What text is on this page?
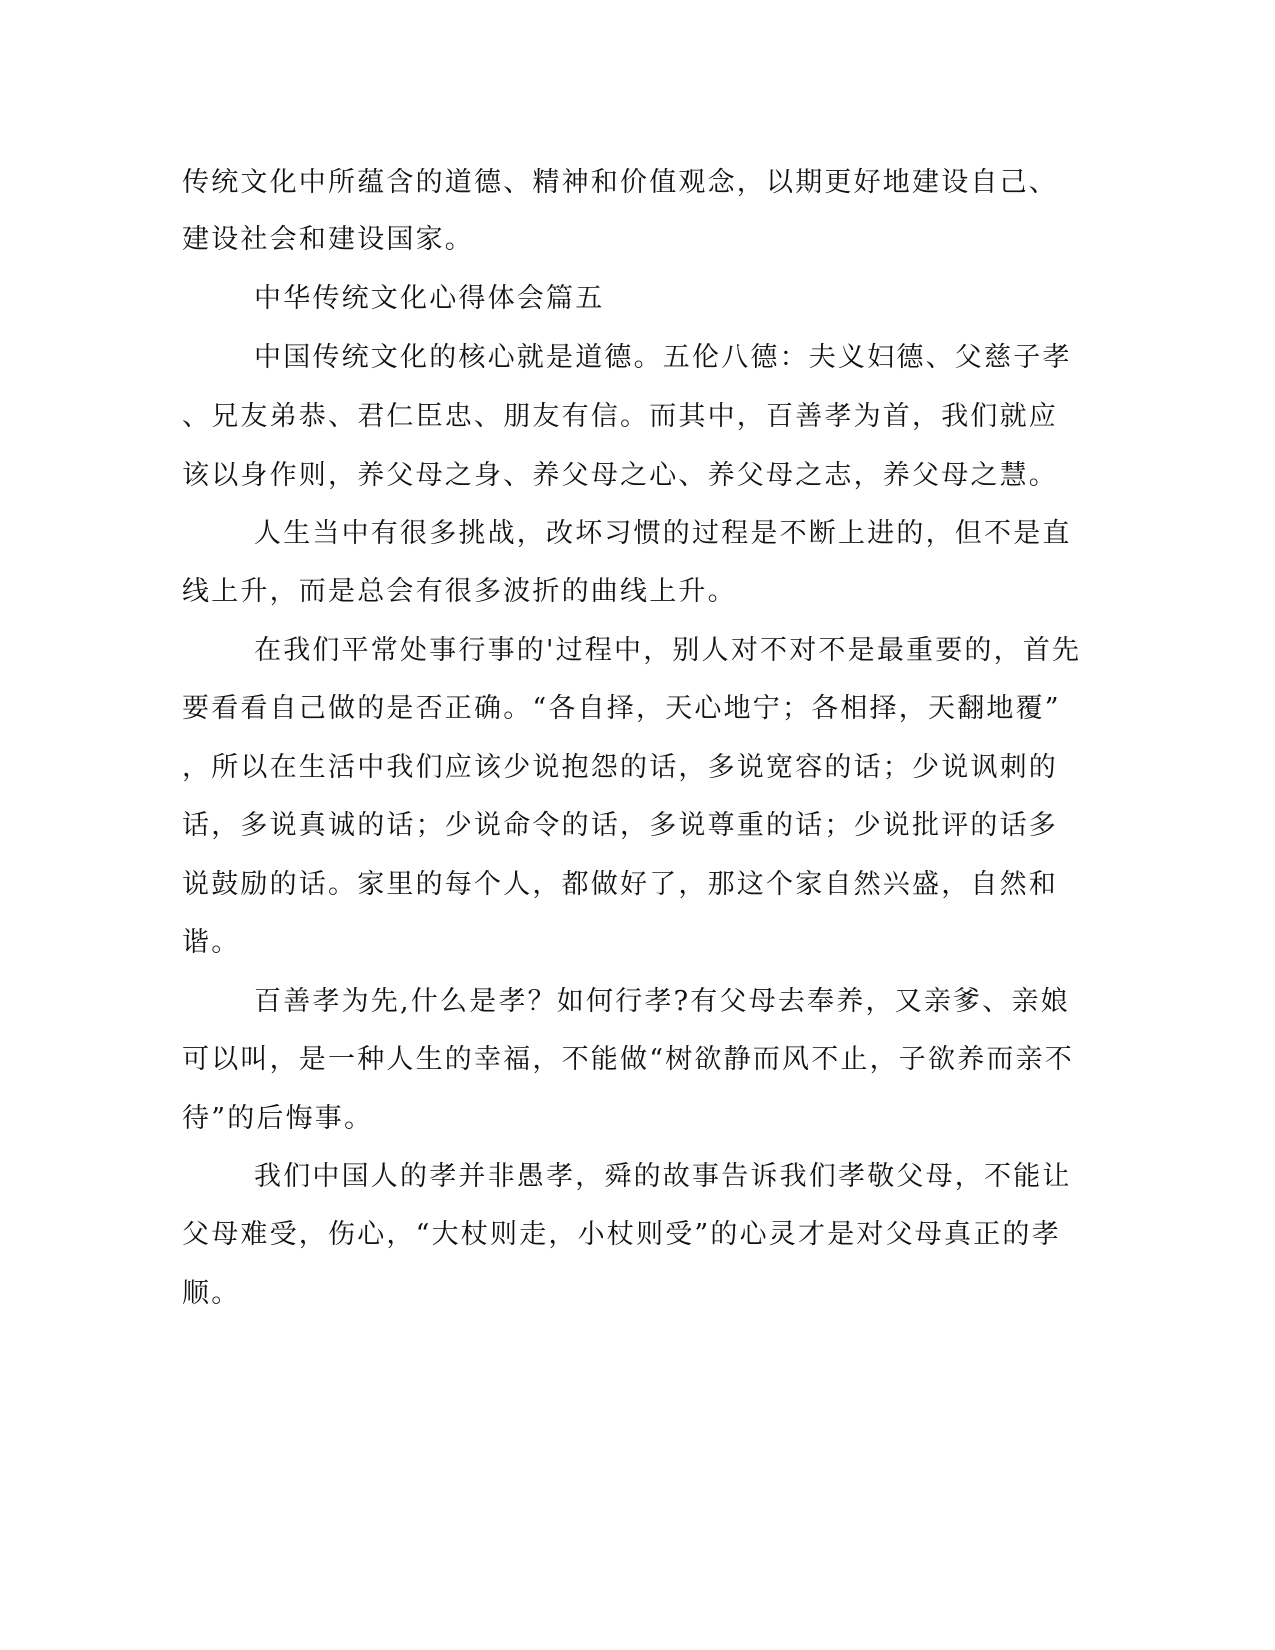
传统文化中所蕴含的道德、精神和价值观念，以期更好地建设自己、
建设社会和建设国家。
中华传统文化心得体会篇五
中国传统文化的核心就是道德。五伦八德：夫义妇德、父慈子孝
、兄友弟恭、君仁臣忠、朋友有信。而其中，百善孝为首，我们就应
该以身作则，养父母之身、养父母之心、养父母之志，养父母之慧。
人生当中有很多挑战，改坏习惯的过程是不断上进的，但不是直
线上升，而是总会有很多波折的曲线上升。
在我们平常处事行事的'过程中，别人对不对不是最重要的，首先
要看看自己做的是否正确。“各自择，天心地宁；各相择，天翻地覆”
，所以在生活中我们应该少说抱怨的话，多说宽容的话；少说讽刺的
话，多说真诚的话；少说命令的话，多说尊重的话；少说批评的话多
说鼓励的话。家里的每个人，都做好了，那这个家自然兴盛，自然和
谐。
百善孝为先,什么是孝？如何行孝?有父母去奉养，又亲爹、亲娘
可以叫，是一种人生的幸福，不能做“树欲静而风不止，子欲养而亲不
待”的后悔事。
我们中国人的孝并非愚孝，舜的故事告诉我们孝敬父母，不能让
父母难受，伤心，“大杖则走，小杖则受”的心灵才是对父母真正的孝
顺。
